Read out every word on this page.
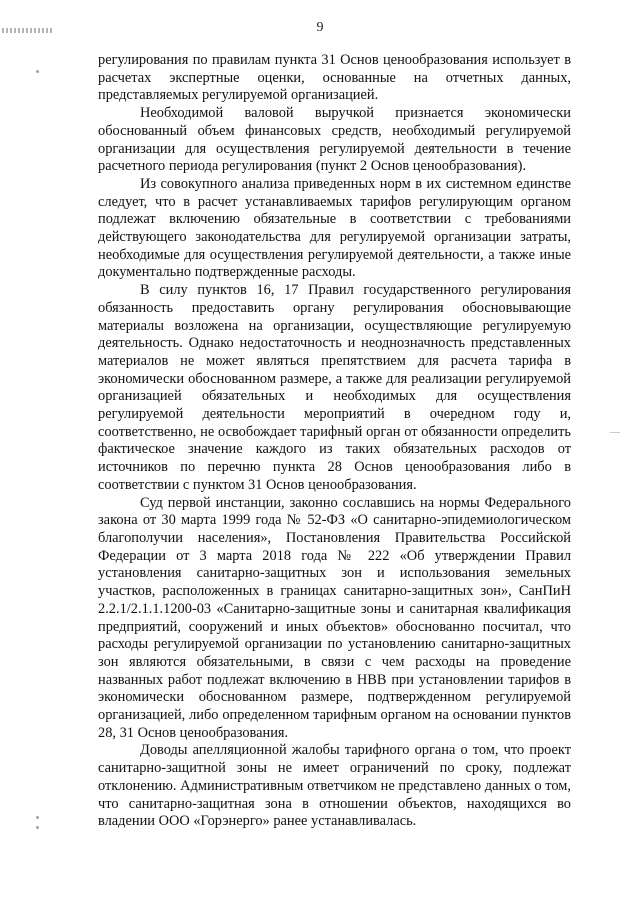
9

регулирования по правилам пункта 31 Основ ценообразования использует в расчетах экспертные оценки, основанные на отчетных данных, представляемых регулируемой организацией.

Необходимой валовой выручкой признается экономически обоснованный объем финансовых средств, необходимый регулируемой организации для осуществления регулируемой деятельности в течение расчетного периода регулирования (пункт 2 Основ ценообразования).

Из совокупного анализа приведенных норм в их системном единстве следует, что в расчет устанавливаемых тарифов регулирующим органом подлежат включению обязательные в соответствии с требованиями действующего законодательства для регулируемой организации затраты, необходимые для осуществления регулируемой деятельности, а также иные документально подтвержденные расходы.

В силу пунктов 16, 17 Правил государственного регулирования обязанность предоставить органу регулирования обосновывающие материалы возложена на организации, осуществляющие регулируемую деятельность. Однако недостаточность и неоднозначность представленных материалов не может являться препятствием для расчета тарифа в экономически обоснованном размере, а также для реализации регулируемой организацией обязательных и необходимых для осуществления регулируемой деятельности мероприятий в очередном году и, соответственно, не освобождает тарифный орган от обязанности определить фактическое значение каждого из таких обязательных расходов от источников по перечню пункта 28 Основ ценообразования либо в соответствии с пунктом 31 Основ ценообразования.

Суд первой инстанции, законно сославшись на нормы Федерального закона от 30 марта 1999 года № 52-ФЗ «О санитарно-эпидемиологическом благополучии населения», Постановления Правительства Российской Федерации от 3 марта 2018 года № 222 «Об утверждении Правил установления санитарно-защитных зон и использования земельных участков, расположенных в границах санитарно-защитных зон», СанПиН 2.2.1/2.1.1.1200-03 «Санитарно-защитные зоны и санитарная квалификация предприятий, сооружений и иных объектов» обоснованно посчитал, что расходы регулируемой организации по установлению санитарно-защитных зон являются обязательными, в связи с чем расходы на проведение названных работ подлежат включению в НВВ при установлении тарифов в экономически обоснованном размере, подтвержденном регулируемой организацией, либо определенном тарифным органом на основании пунктов 28, 31 Основ ценообразования.

Доводы апелляционной жалобы тарифного органа о том, что проект санитарно-защитной зоны не имеет ограничений по сроку, подлежат отклонению. Административным ответчиком не представлено данных о том, что санитарно-защитная зона в отношении объектов, находящихся во владении ООО «Горэнерго» ранее устанавливалась.
